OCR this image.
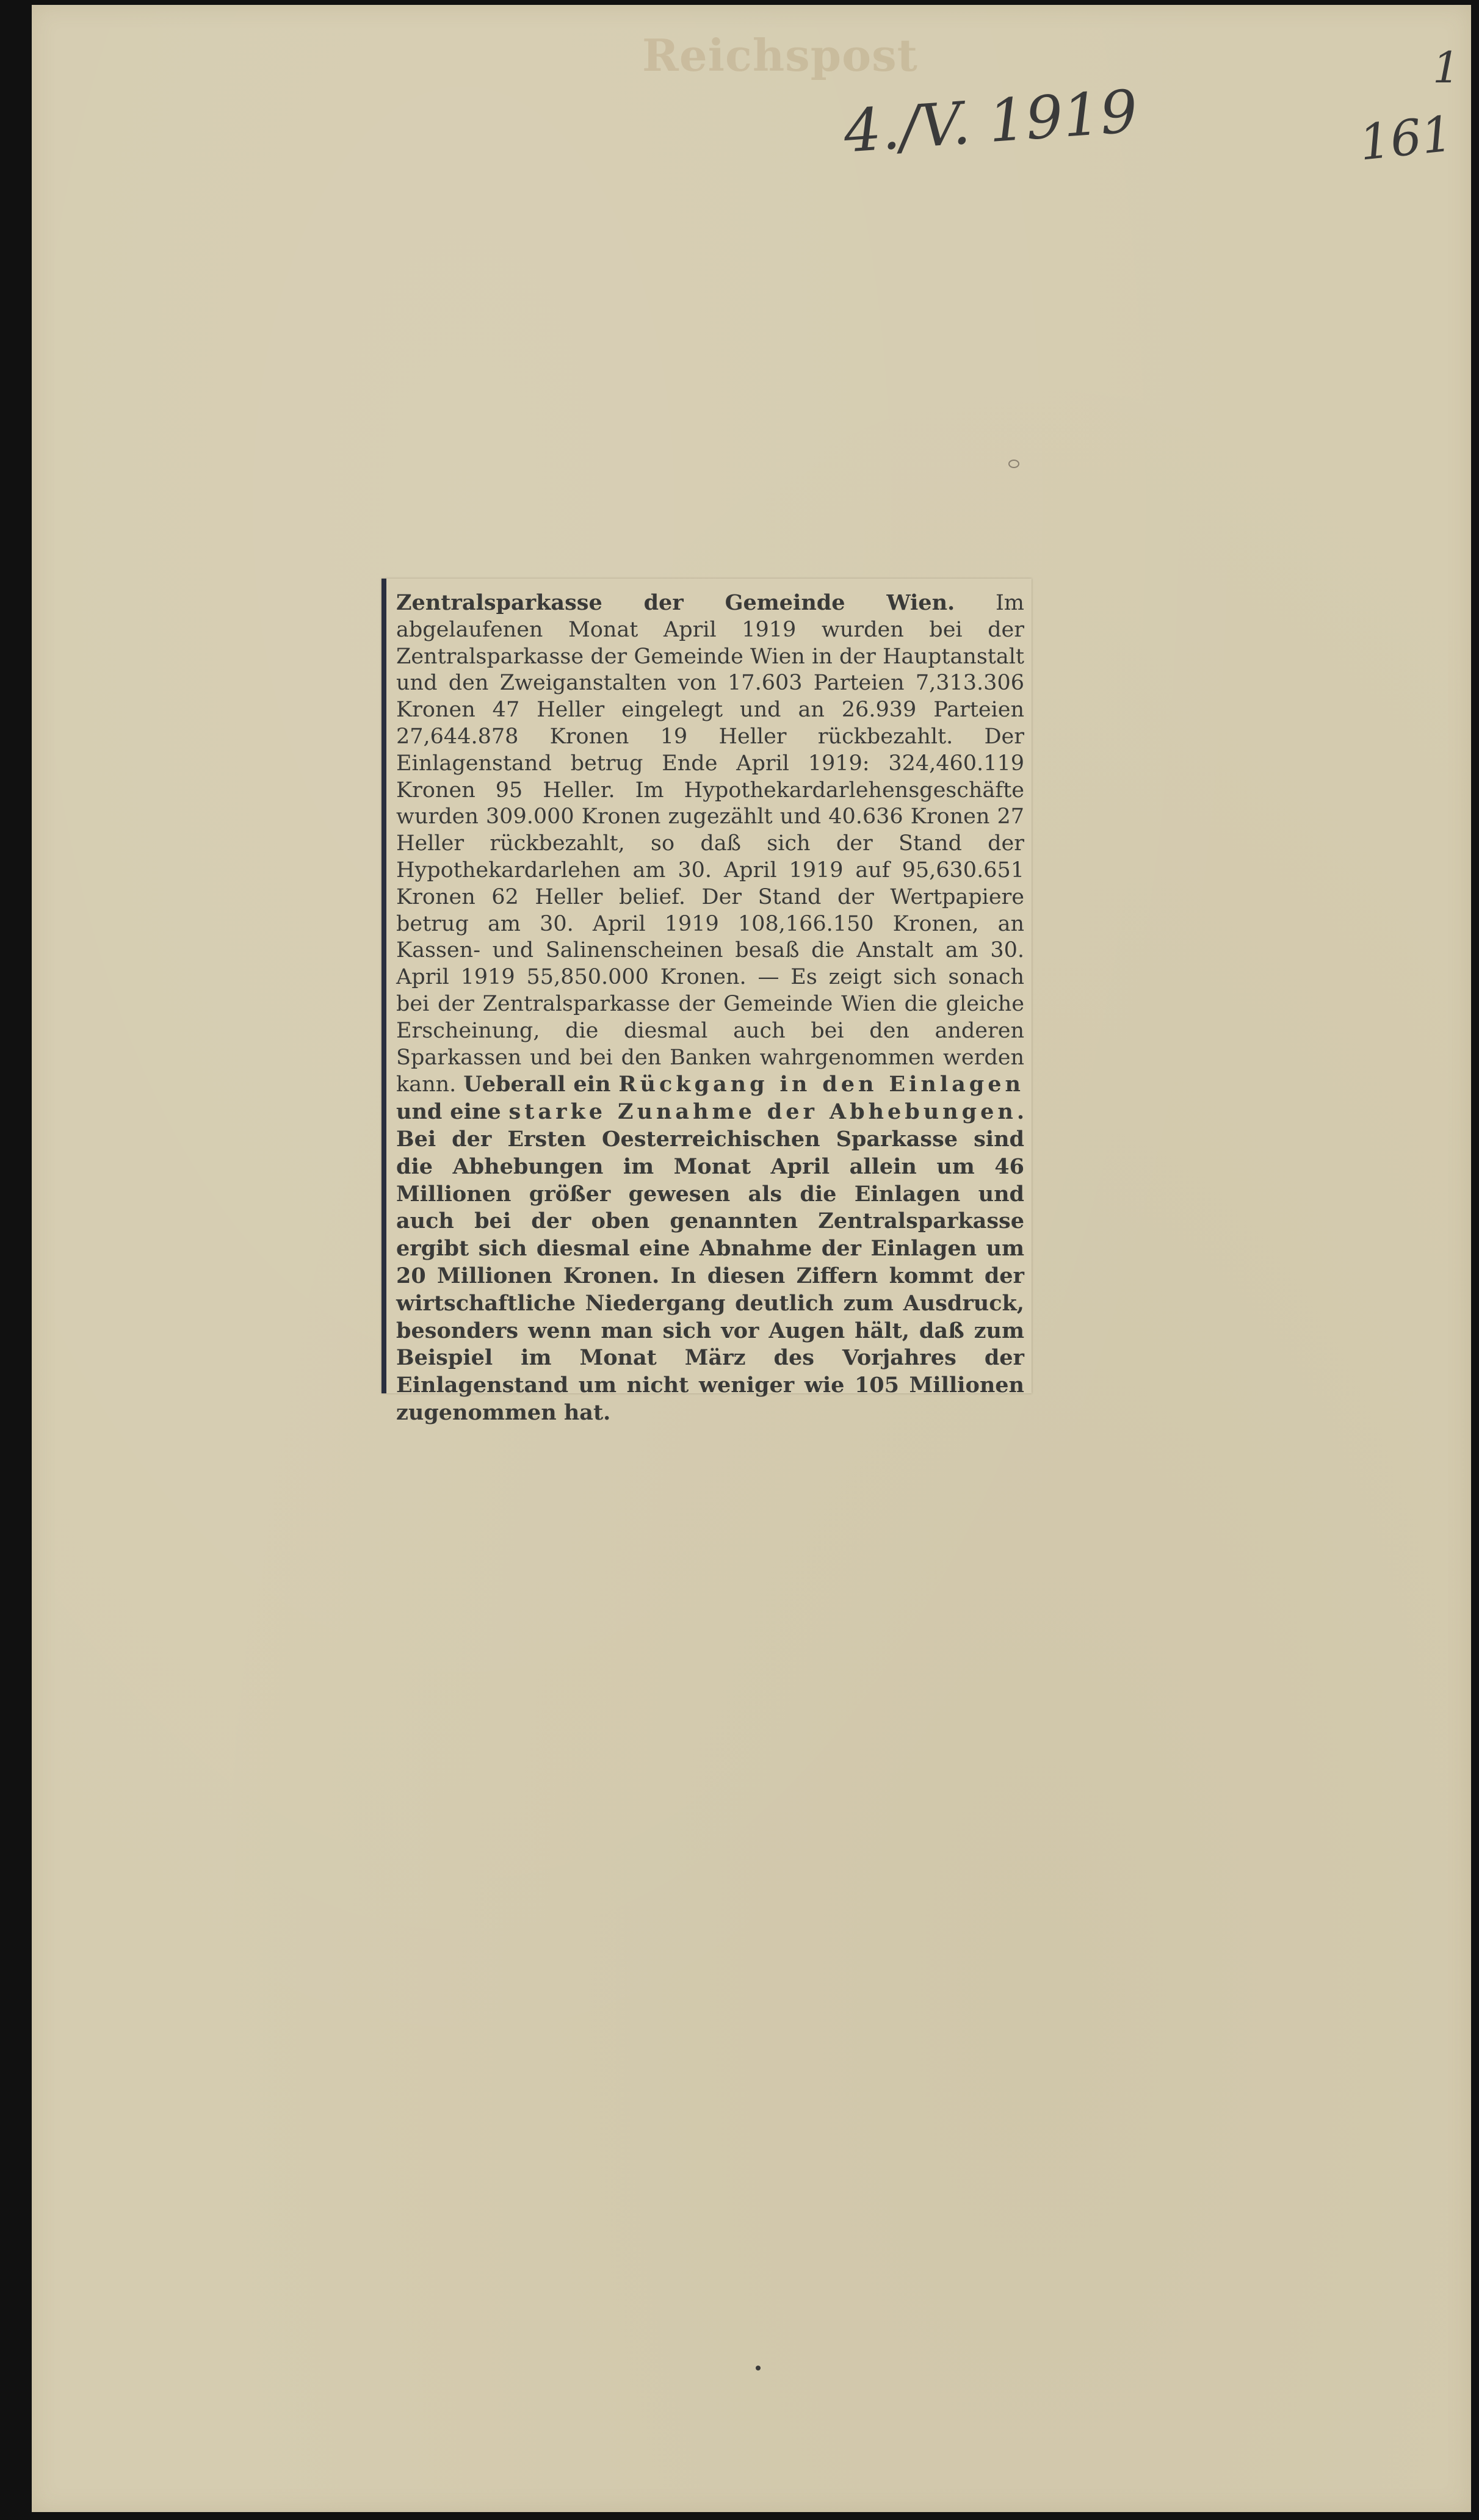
Reichspost
4./V. 1919
1
161

Zentralsparkasse der Gemeinde Wien. Im abgelaufenen Monat April 1919 wurden bei der Zentralsparkasse der Gemeinde Wien in der Hauptanstalt und den Zweiganstalten von 17.603 Parteien 7,313.306 Kronen 47 Heller eingelegt und an 26.939 Parteien 27,644.878 Kronen 19 Heller rückbezahlt. Der Einlagenstand betrug Ende April 1919: 324,460.119 Kronen 95 Heller. Im Hypothekardarlehensgeschäfte wurden 309.000 Kronen zugezählt und 40.636 Kronen 27 Heller rückbezahlt, so daß sich der Stand der Hypothekardarlehen am 30. April 1919 auf 95,630.651 Kronen 62 Heller belief. Der Stand der Wertpapiere betrug am 30. April 1919 108,166.150 Kronen, an Kassen- und Salinenscheinen besaß die Anstalt am 30. April 1919 55,850.000 Kronen. — Es zeigt sich sonach bei der Zentralsparkasse der Gemeinde Wien die gleiche Erscheinung, die diesmal auch bei den anderen Sparkassen und bei den Banken wahrgenommen werden kann. Ueberall ein Rückgang in den Einlagen und eine starke Zunahme der Abhebungen. Bei der Ersten Oesterreichischen Sparkasse sind die Abhebungen im Monat April allein um 46 Millionen größer gewesen als die Einlagen und auch bei der oben genannten Zentralsparkasse ergibt sich diesmal eine Abnahme der Einlagen um 20 Millionen Kronen. In diesen Ziffern kommt der wirtschaftliche Niedergang deutlich zum Ausdruck, besonders wenn man sich vor Augen hält, daß zum Beispiel im Monat März des Vorjahres der Einlagenstand um nicht weniger wie 105 Millionen zugenommen hat.
